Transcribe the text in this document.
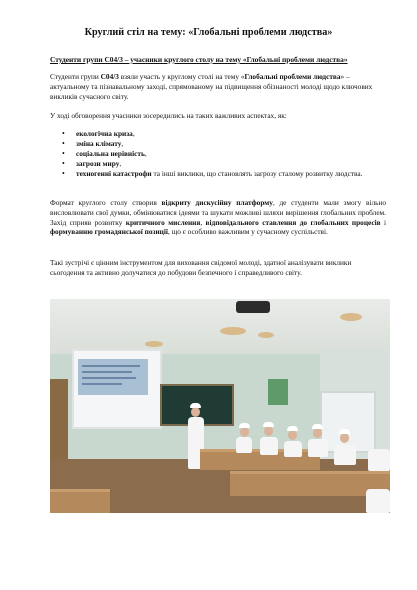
Круглий стіл на тему: «Глобальні проблеми людства»
Студенти групи С04/3 – учасники круглого столу на тему «Глобальні проблеми людства»
Студенти групи С04/3 взяли участь у круглому столі на тему «Глобальні проблеми людства» – актуальному та пізнавальному заході, спрямованому на підвищення обізнаності молоді щодо ключових викликів сучасного світу.
У ході обговорення учасники зосередились на таких важливих аспектах, як:
• екологічна криза,
• зміна клімату,
• соціальна нерівність,
• загрози миру,
• техногенні катастрофи та інші виклики, що становлять загрозу сталому розвитку людства.
Формат круглого столу створив відкриту дискусійну платформу, де студенти мали змогу вільно висловлювати свої думки, обмінюватися ідеями та шукати можливі шляхи вирішення глобальних проблем. Захід сприяв розвитку критичного мислення, відповідального ставлення до глобальних процесів і формуванню громадянської позиції, що є особливо важливим у сучасному суспільстві.
Такі зустрічі є цінним інструментом для виховання свідомої молоді, здатної аналізувати виклики сьогодення та активно долучатися до побудови безпечного і справедливого світу.
